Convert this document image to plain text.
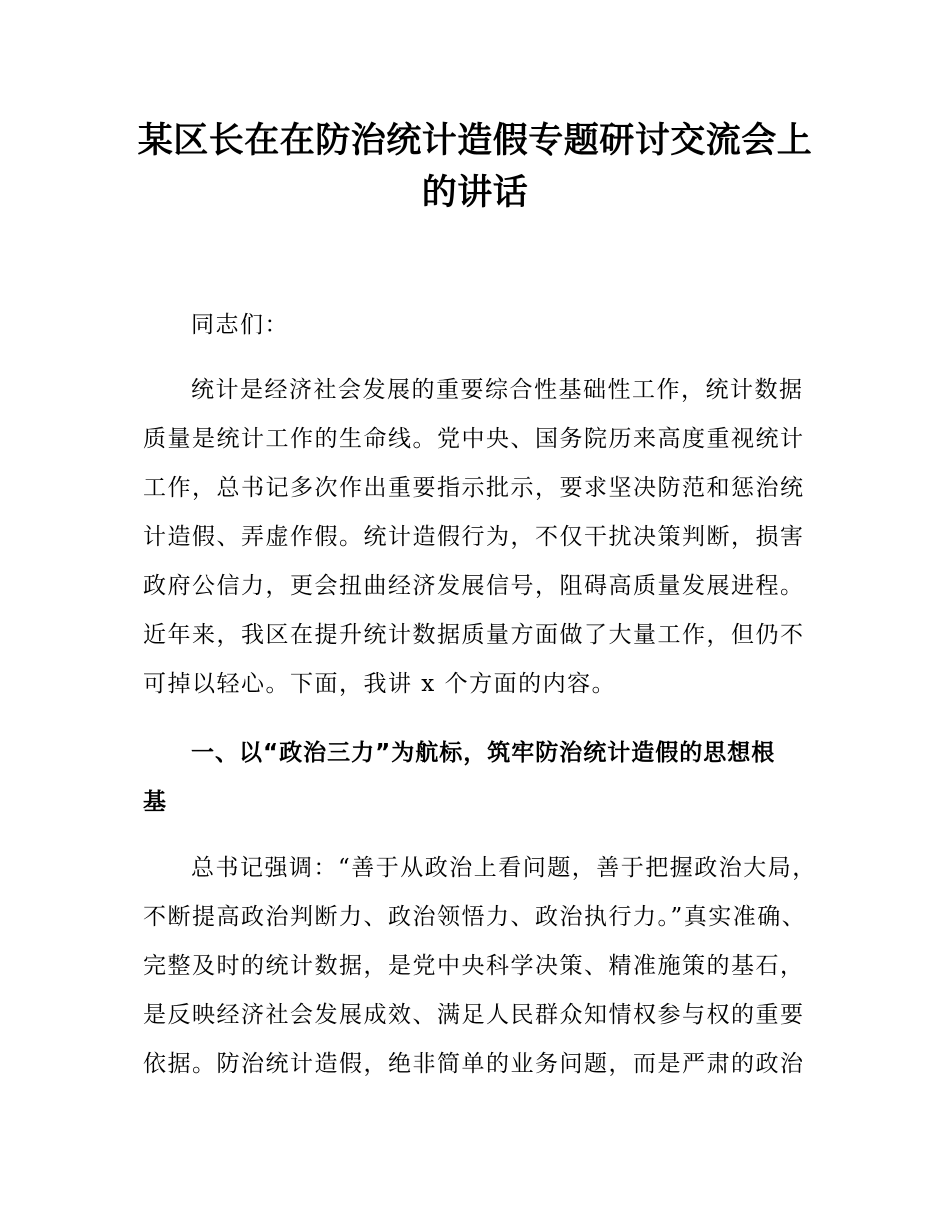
某区长在在防治统计造假专题研讨交流会上
的讲话
同志们：
统计是经济社会发展的重要综合性基础性工作，统计数据
质量是统计工作的生命线。党中央、国务院历来高度重视统计
工作，总书记多次作出重要指示批示，要求坚决防范和惩治统
计造假、弄虚作假。统计造假行为，不仅干扰决策判断，损害
政府公信力，更会扭曲经济发展信号，阻碍高质量发展进程。
近年来，我区在提升统计数据质量方面做了大量工作，但仍不
可掉以轻心。下面，我讲 x 个方面的内容。
一、以“政治三力”为航标，筑牢防治统计造假的思想根
基
总书记强调：“善于从政治上看问题，善于把握政治大局，
不断提高政治判断力、政治领悟力、政治执行力。”真实准确、
完整及时的统计数据，是党中央科学决策、精准施策的基石，
是反映经济社会发展成效、满足人民群众知情权参与权的重要
依据。防治统计造假，绝非简单的业务问题，而是严肃的政治
